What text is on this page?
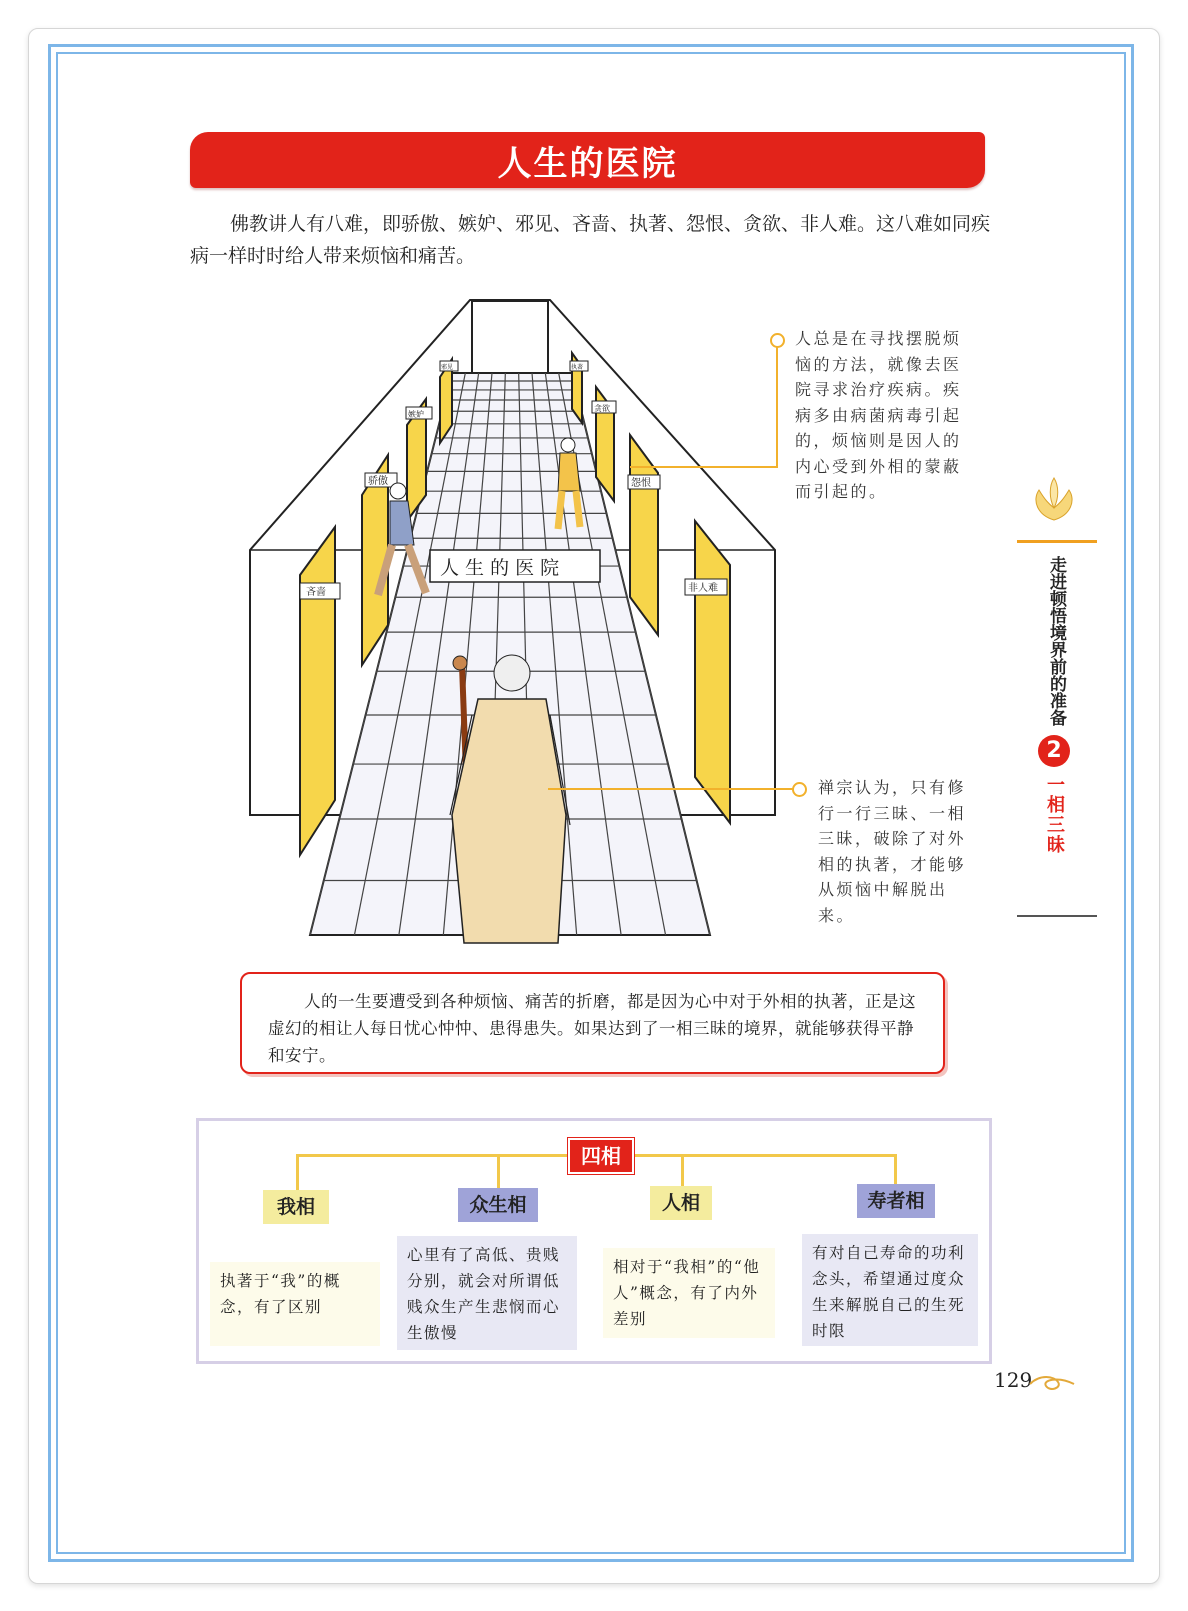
人生的医院
佛教讲人有八难，即骄傲、嫉妒、邪见、吝啬、执著、怨恨、贪欲、非人难。这八难如同疾病一样时时给人带来烦恼和痛苦。
吝啬
骄傲
嫉妒
邪见
非人难
怨恨
贪欲
执著
人 生 的 医 院
人总是在寻找摆脱烦恼的方法，就像去医院寻求治疗疾病。疾病多由病菌病毒引起的，烦恼则是因人的内心受到外相的蒙蔽而引起的。
禅宗认为，只有修行一行三昧、一相三昧，破除了对外相的执著，才能够从烦恼中解脱出来。
走进顿悟境界前的准备
2
一相三昧
人的一生要遭受到各种烦恼、痛苦的折磨，都是因为心中对于外相的执著，正是这虚幻的相让人每日忧心忡忡、患得患失。如果达到了一相三昧的境界，就能够获得平静和安宁。
四相
我相	众生相	人相	寿者相
执著于“我”的概念，有了区别
心里有了高低、贵贱分别，就会对所谓低贱众生产生悲悯而心生傲慢
相对于“我相”的“他人”概念，有了内外差别
有对自己寿命的功利念头，希望通过度众生来解脱自己的生死时限
129
